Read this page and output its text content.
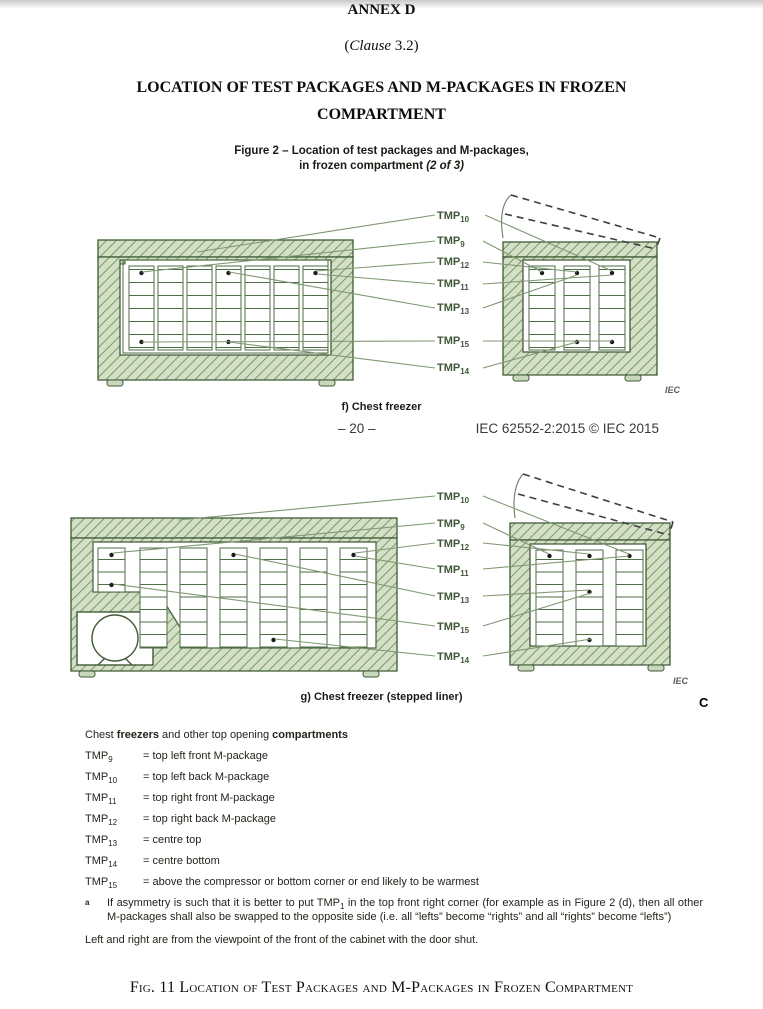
ANNEX D
(Clause 3.2)
LOCATION OF TEST PACKAGES AND M-PACKAGES IN FROZEN
COMPARTMENT
Figure 2 – Location of test packages and M-packages,
in frozen compartment (2 of 3)
$TMP_{10}$
$TMP_9$
$TMP_{12}$
$TMP_{11}$
$TMP_{13}$
$TMP_{15}$
$TMP_{14}$
IEC
f) Chest freezer
– 20 –	IEC 62552-2:2015 © IEC 2015
$TMP_{10}$
$TMP_9$
$TMP_{12}$
$TMP_{11}$
$TMP_{13}$
$TMP_{15}$
$TMP_{14}$
IEC
g) Chest freezer (stepped liner)	C
Chest freezers and other top opening compartments
$TMP_9$	= top left front M-package
$TMP_{10}$	= top left back M-package
$TMP_{11}$	= top right front M-package
$TMP_{12}$	= top right back M-package
$TMP_{13}$	= centre top
$TMP_{14}$	= centre bottom
$TMP_{15}$	= above the compressor or bottom corner or end likely to be warmest
a	If asymmetry is such that it is better to put $TMP_1$ in the top front right corner (for example as in Figure 2 (d), then all other M-packages shall also be swapped to the opposite side (i.e. all “lefts” become “rights” and all “rights” become “lefts”)
Left and right are from the viewpoint of the front of the cabinet with the door shut.
Fig. 11 Location of Test Packages and M-Packages in Frozen Compartment
